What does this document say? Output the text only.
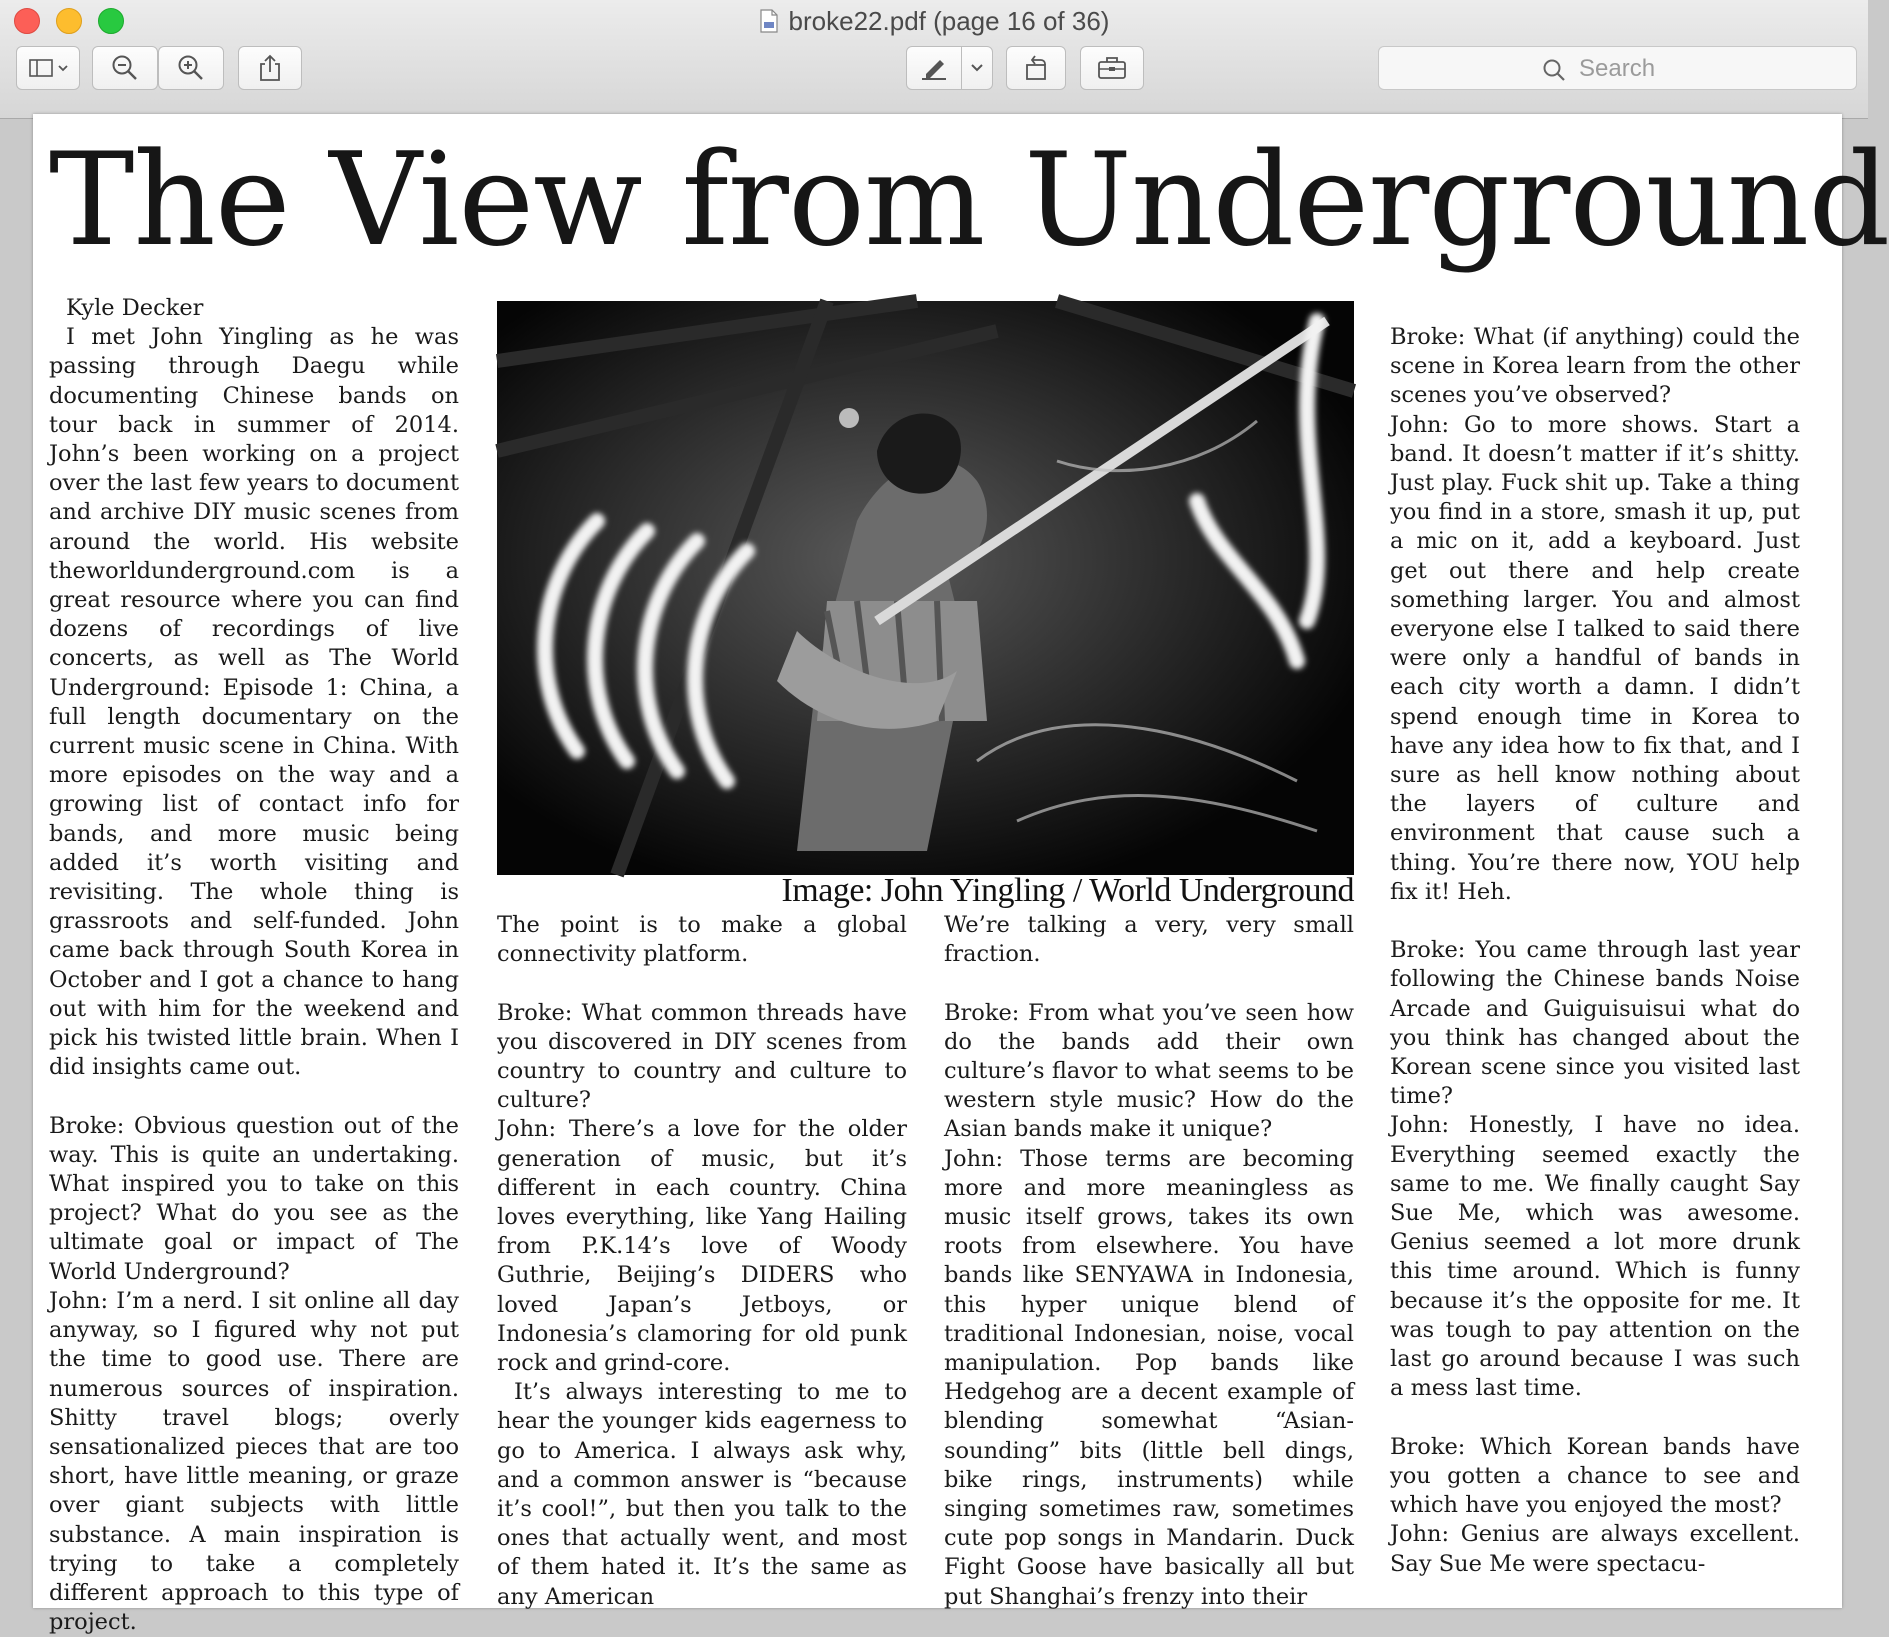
broke22.pdf (page 16 of 36)
Search
The View from Underground

Kyle Decker

I met John Yingling as he was passing through Daegu while documenting Chinese bands on tour back in summer of 2014. John’s been working on a project over the last few years to document and archive DIY music scenes from around the world. His website theworldunderground.com is a great resource where you can find dozens of recordings of live concerts, as well as The World Underground: Episode 1: China, a full length documentary on the current music scene in China. With more episodes on the way and a growing list of contact info for bands, and more music being added it’s worth visiting and revisiting. The whole thing is grassroots and self-funded. John came back through South Korea in October and I got a chance to hang out with him for the weekend and pick his twisted little brain. When I did insights came out.

Broke: Obvious question out of the way. This is quite an undertaking. What inspired you to take on this project? What do you see as the ultimate goal or impact of The World Underground?

John: I’m a nerd. I sit online all day anyway, so I figured why not put the time to good use. There are numerous sources of inspiration. Shitty travel blogs; overly sensationalized pieces that are too short, have little meaning, or graze over giant subjects with little substance. A main inspiration is trying to take a completely different approach to this type of project.

Image: John Yingling / World Underground

The point is to make a global connectivity platform.

Broke: What common threads have you discovered in DIY scenes from country to country and culture to culture?

John: There’s a love for the older generation of music, but it’s different in each country. China loves everything, like Yang Hailing from P.K.14’s love of Woody Guthrie, Beijing’s DIDERS who loved Japan’s Jetboys, or Indonesia’s clamoring for old punk rock and grind-core.

It’s always interesting to me to hear the younger kids eagerness to go to America. I always ask why, and a common answer is “because it’s cool!”, but then you talk to the ones that actually went, and most of them hated it. It’s the same as any American

We’re talking a very, very small fraction.

Broke: From what you’ve seen how do the bands add their own culture’s flavor to what seems to be western style music? How do the Asian bands make it unique?

John: Those terms are becoming more and more meaningless as music itself grows, takes its own roots from elsewhere. You have bands like SENYAWA in Indonesia, this hyper unique blend of traditional Indonesian, noise, vocal manipulation. Pop bands like Hedgehog are a decent example of blending somewhat “Asian-sounding” bits (little bell dings, bike rings, instruments) while singing sometimes raw, sometimes cute pop songs in Mandarin. Duck Fight Goose have basically all but put Shanghai’s frenzy into their

Broke: What (if anything) could the scene in Korea learn from the other scenes you’ve observed?

John: Go to more shows. Start a band. It doesn’t matter if it’s shitty. Just play. Fuck shit up. Take a thing you find in a store, smash it up, put a mic on it, add a keyboard. Just get out there and help create something larger. You and almost everyone else I talked to said there were only a handful of bands in each city worth a damn. I didn’t spend enough time in Korea to have any idea how to fix that, and I sure as hell know nothing about the layers of culture and environment that cause such a thing. You’re there now, YOU help fix it! Heh.

Broke: You came through last year following the Chinese bands Noise Arcade and Guiguisuisui what do you think has changed about the Korean scene since you visited last time?

John: Honestly, I have no idea. Everything seemed exactly the same to me. We finally caught Say Sue Me, which was awesome. Genius seemed a lot more drunk this time around. Which is funny because it’s the opposite for me. It was tough to pay attention on the last go around because I was such a mess last time.

Broke: Which Korean bands have you gotten a chance to see and which have you enjoyed the most?

John: Genius are always excellent. Say Sue Me were spectacu-
